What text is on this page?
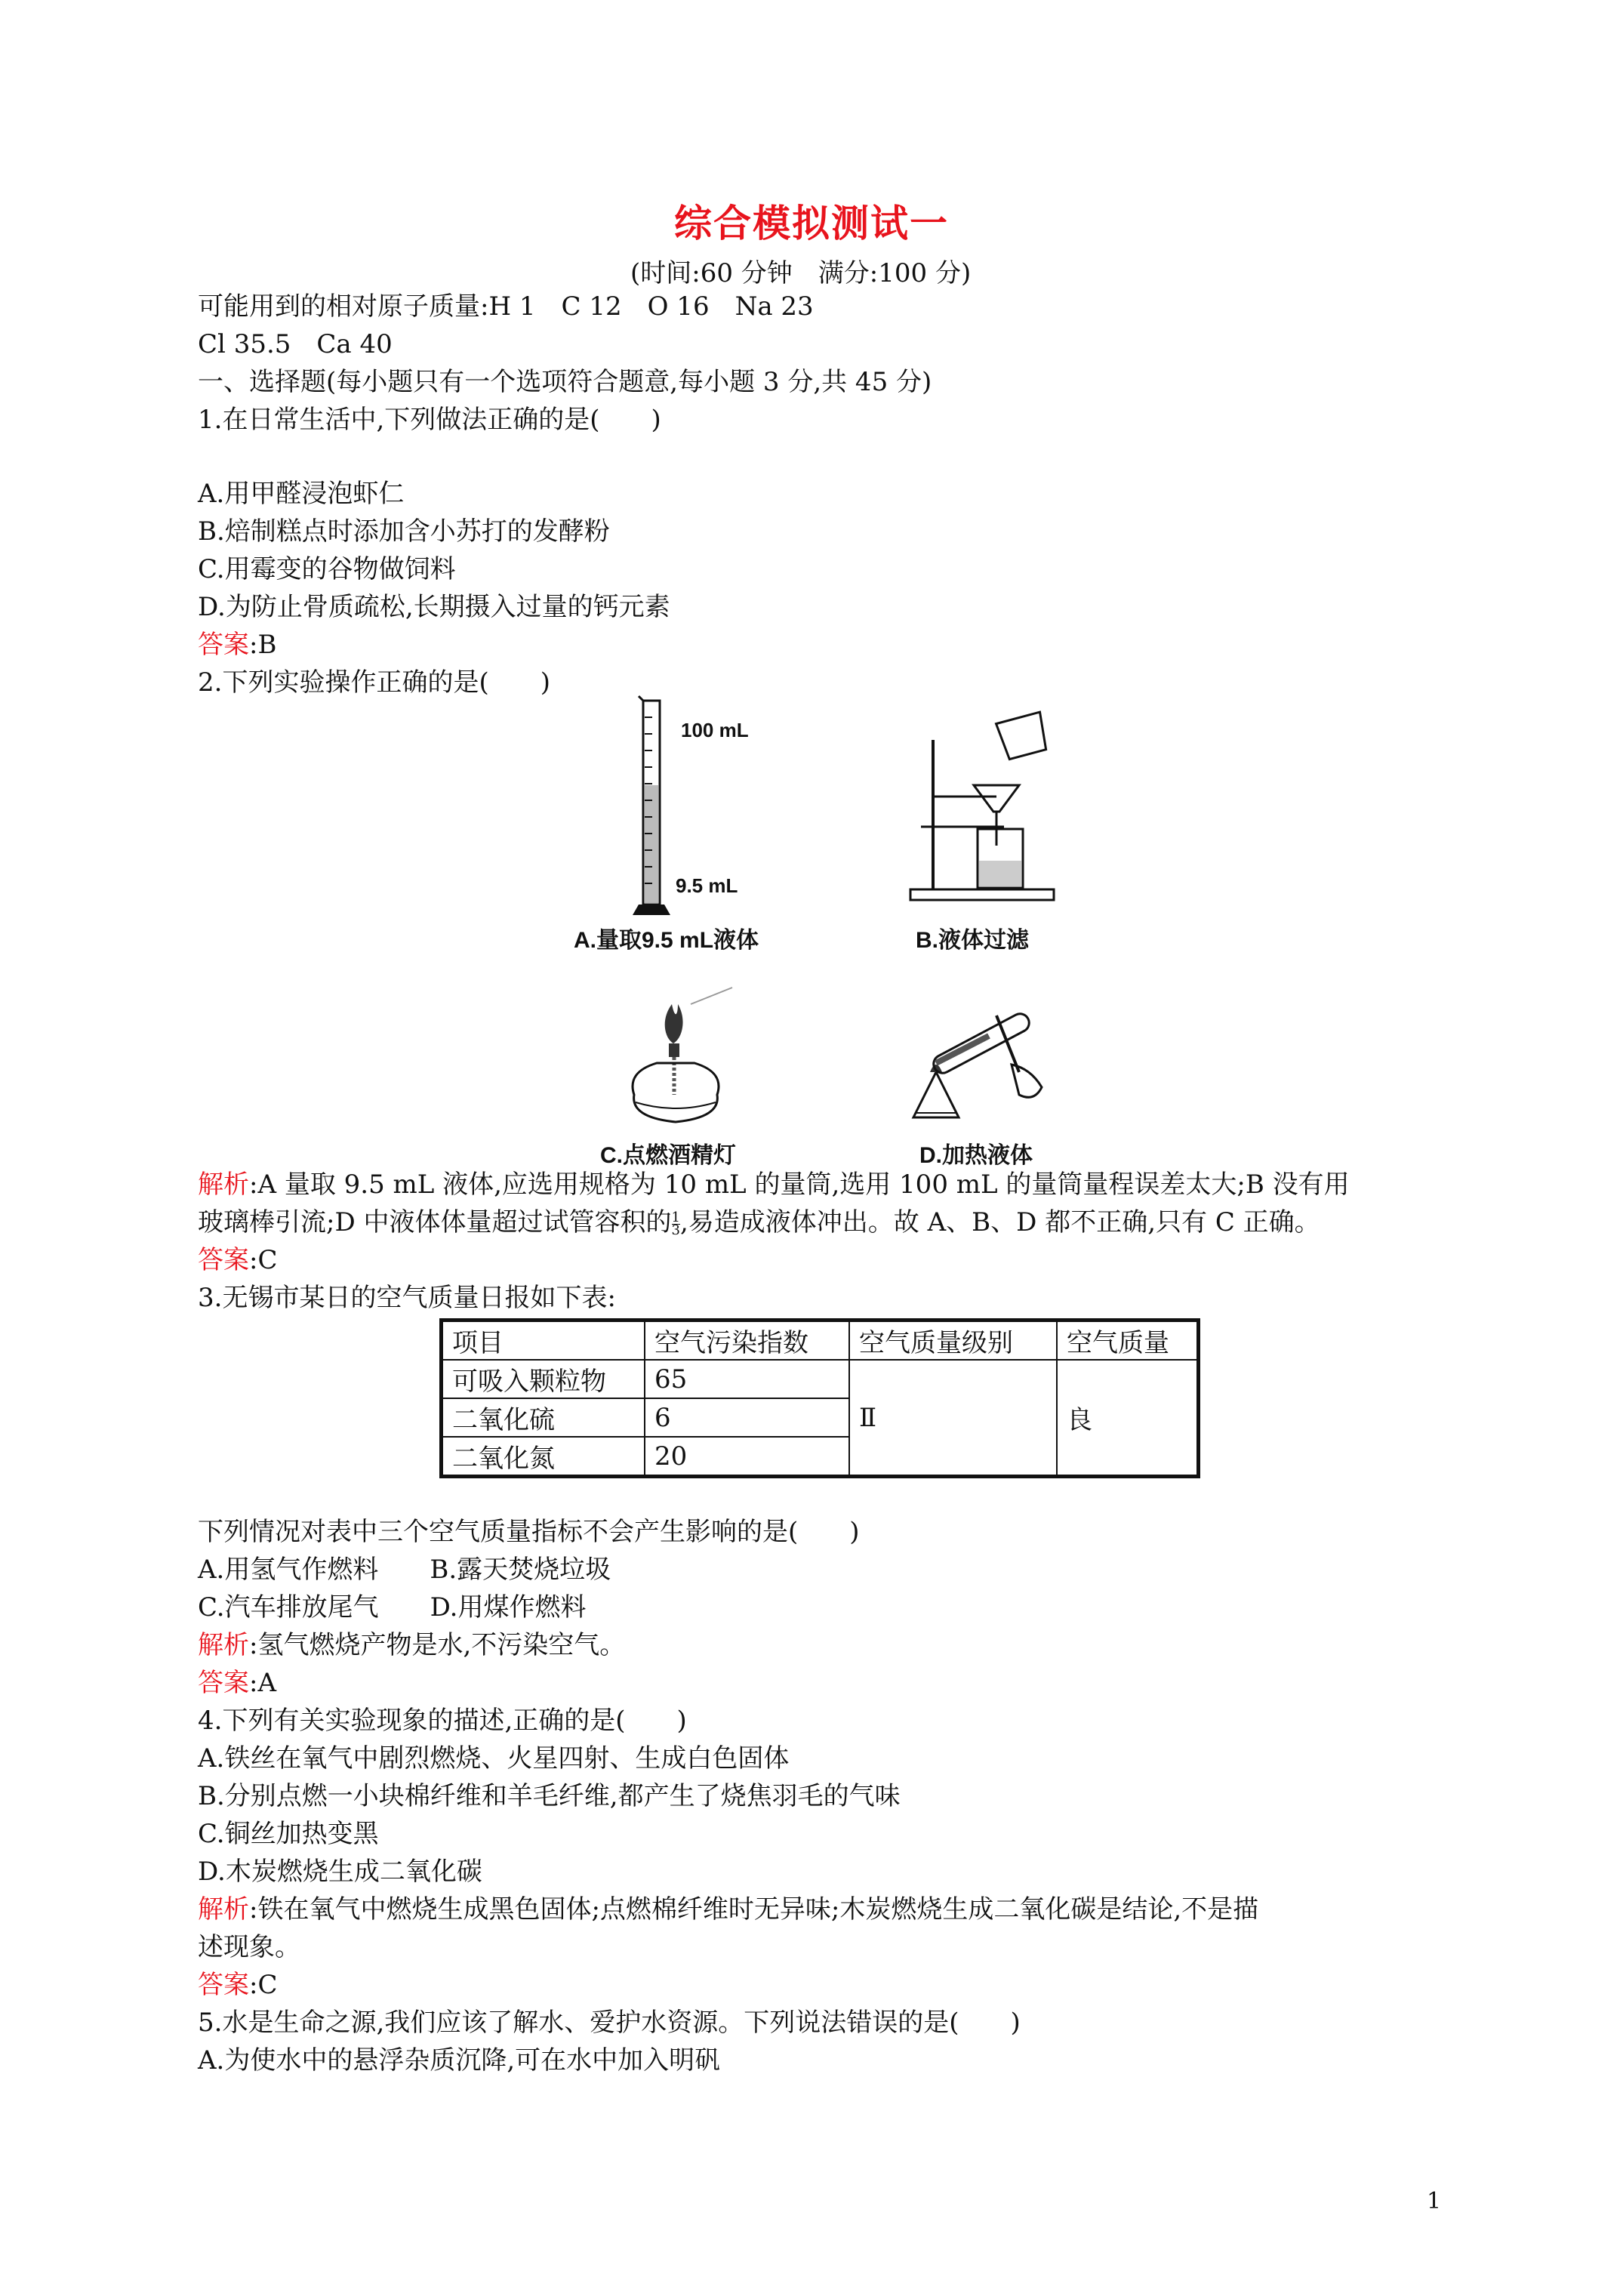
综合模拟测试一
(时间:60 分钟　满分:100 分)
可能用到的相对原子质量:H 1　C 12　O 16　Na 23
Cl 35.5　Ca 40
一、选择题(每小题只有一个选项符合题意,每小题 3 分,共 45 分)
1.在日常生活中,下列做法正确的是(　　)
A.用甲醛浸泡虾仁
B.焙制糕点时添加含小苏打的发酵粉
C.用霉变的谷物做饲料
D.为防止骨质疏松,长期摄入过量的钙元素
答案:B
2.下列实验操作正确的是(　　)
100 mL
9.5 mL
A.量取9.5 mL液体	B.液体过滤
C.点燃酒精灯	D.加热液体
解析:A 量取 9.5 mL 液体,应选用规格为 10 mL 的量筒,选用 100 mL 的量筒量程误差太大;B 没有用
玻璃棒引流;D 中液体体量超过试管容积的 $\frac{1}{3}$ ,易造成液体冲出。故 A、B、D 都不正确,只有 C 正确。
答案:C
3.无锡市某日的空气质量日报如下表:
项目	空气污染指数	空气质量级别	空气质量
可吸入颗粒物	65	Ⅱ	良
二氧化硫	6		
二氧化氮	20		
下列情况对表中三个空气质量指标不会产生影响的是(　　)
A.用氢气作燃料　　B.露天焚烧垃圾
C.汽车排放尾气　　D.用煤作燃料
解析:氢气燃烧产物是水,不污染空气。
答案:A
4.下列有关实验现象的描述,正确的是(　　)
A.铁丝在氧气中剧烈燃烧、火星四射、生成白色固体
B.分别点燃一小块棉纤维和羊毛纤维,都产生了烧焦羽毛的气味
C.铜丝加热变黑
D.木炭燃烧生成二氧化碳
解析:铁在氧气中燃烧生成黑色固体;点燃棉纤维时无异味;木炭燃烧生成二氧化碳是结论,不是描
述现象。
答案:C
5.水是生命之源,我们应该了解水、爱护水资源。下列说法错误的是(　　)
A.为使水中的悬浮杂质沉降,可在水中加入明矾
1
